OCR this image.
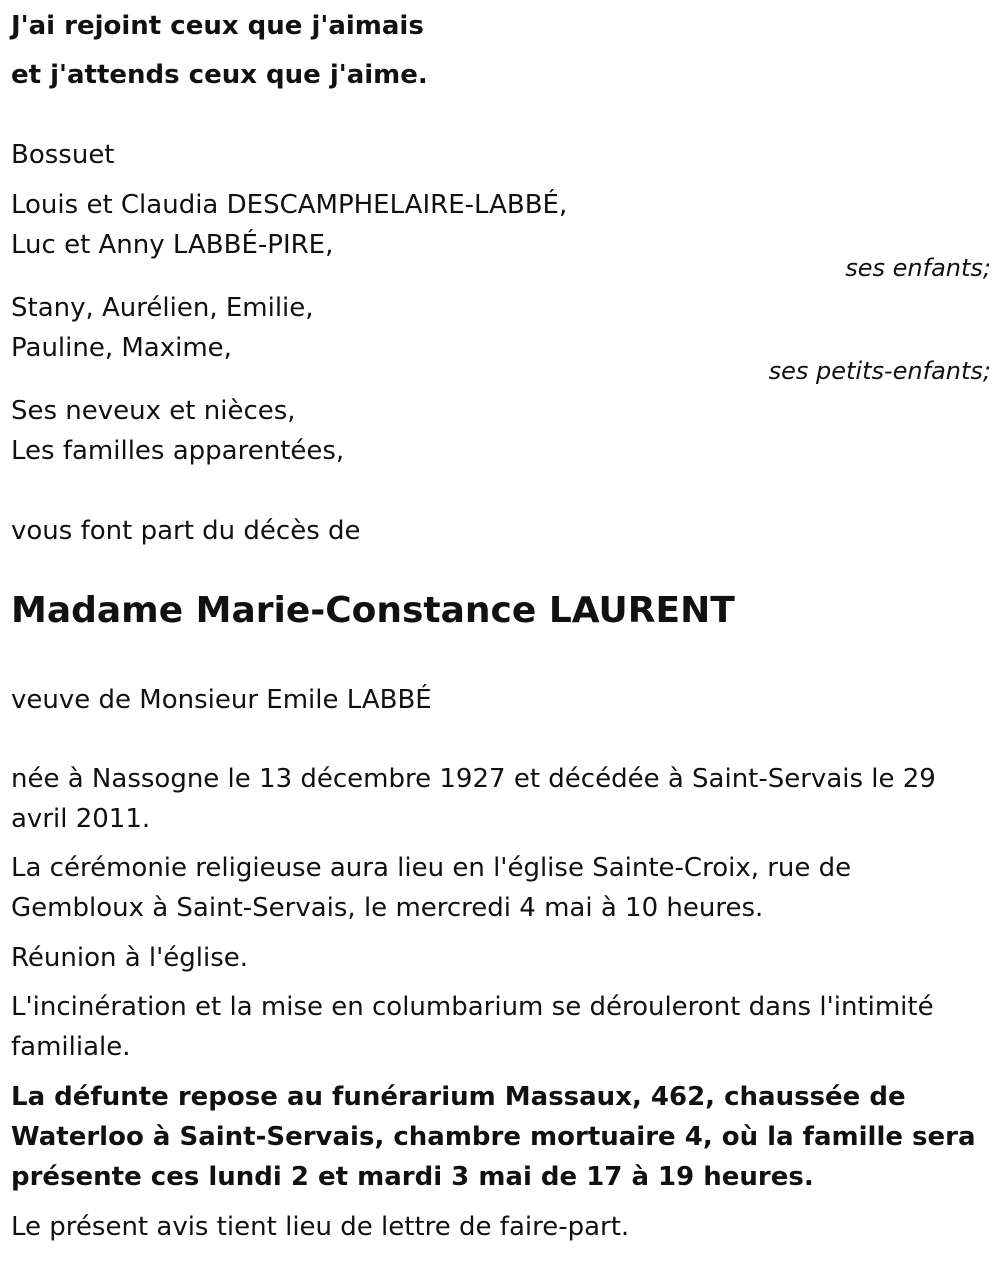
J'ai rejoint ceux que j'aimais
et j'attends ceux que j'aime.
Bossuet
Louis et Claudia DESCAMPHELAIRE-LABBÉ,
Luc et Anny LABBÉ-PIRE,
ses enfants;
Stany, Aurélien, Emilie,
Pauline, Maxime,
ses petits-enfants;
Ses neveux et nièces,
Les familles apparentées,
vous font part du décès de
Madame Marie-Constance LAURENT
veuve de Monsieur Emile LABBÉ
née à Nassogne le 13 décembre 1927 et décédée à Saint-Servais le 29 avril 2011.
La cérémonie religieuse aura lieu en l'église Sainte-Croix, rue de Gembloux à Saint-Servais, le mercredi 4 mai à 10 heures.
Réunion à l'église.
L'incinération et la mise en columbarium se dérouleront dans l'intimité familiale.
La défunte repose au funérarium Massaux, 462, chaussée de Waterloo à Saint-Servais, chambre mortuaire 4, où la famille sera présente ces lundi 2 et mardi 3 mai de 17 à 19 heures.
Le présent avis tient lieu de lettre de faire-part.
